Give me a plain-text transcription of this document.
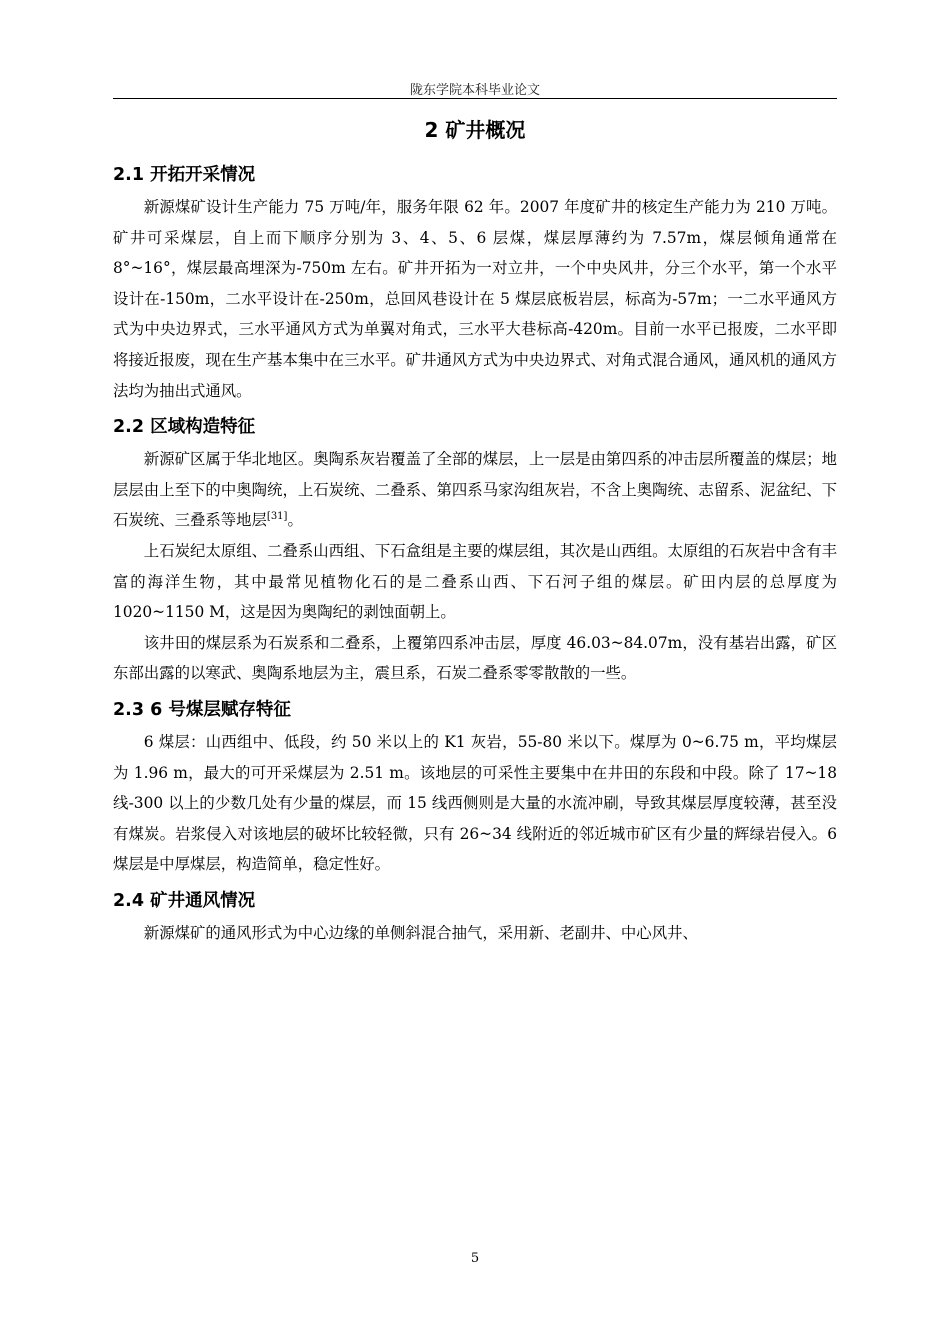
陇东学院本科毕业论文
2 矿井概况
2.1 开拓开采情况

新源煤矿设计生产能力 75 万吨/年，服务年限 62 年。2007 年度矿井的核定生产能力为 210 万吨。矿井可采煤层，自上而下顺序分别为 3、4、5、6 层煤，煤层厚薄约为 7.57m，煤层倾角通常在 8°~16°，煤层最高埋深为-750m 左右。矿井开拓为一对立井，一个中央风井，分三个水平，第一个水平设计在-150m，二水平设计在-250m，总回风巷设计在 5 煤层底板岩层，标高为-57m；一二水平通风方式为中央边界式，三水平通风方式为单翼对角式，三水平大巷标高-420m。目前一水平已报废，二水平即将接近报废，现在生产基本集中在三水平。矿井通风方式为中央边界式、对角式混合通风，通风机的通风方法均为抽出式通风。

2.2 区域构造特征

新源矿区属于华北地区。奥陶系灰岩覆盖了全部的煤层，上一层是由第四系的冲击层所覆盖的煤层；地层层由上至下的中奥陶统，上石炭统、二叠系、第四系马家沟组灰岩，不含上奥陶统、志留系、泥盆纪、下石炭统、三叠系等地层[31]。

上石炭纪太原组、二叠系山西组、下石盒组是主要的煤层组，其次是山西组。太原组的石灰岩中含有丰富的海洋生物，其中最常见植物化石的是二叠系山西、下石河子组的煤层。矿田内层的总厚度为 1020~1150 M，这是因为奥陶纪的剥蚀面朝上。

该井田的煤层系为石炭系和二叠系，上覆第四系冲击层，厚度 46.03~84.07m，没有基岩出露，矿区东部出露的以寒武、奥陶系地层为主，震旦系，石炭二叠系零零散散的一些。

2.3 6 号煤层赋存特征

6 煤层：山西组中、低段，约 50 米以上的 K1 灰岩，55-80 米以下。煤厚为 0~6.75 m，平均煤层为 1.96 m，最大的可开采煤层为 2.51 m。该地层的可采性主要集中在井田的东段和中段。除了 17~18 线-300 以上的少数几处有少量的煤层，而 15 线西侧则是大量的水流冲刷，导致其煤层厚度较薄，甚至没有煤炭。岩浆侵入对该地层的破坏比较轻微，只有 26~34 线附近的邻近城市矿区有少量的辉绿岩侵入。6 煤层是中厚煤层，构造简单，稳定性好。

2.4 矿井通风情况

新源煤矿的通风形式为中心边缘的单侧斜混合抽气，采用新、老副井、中心风井、

5
